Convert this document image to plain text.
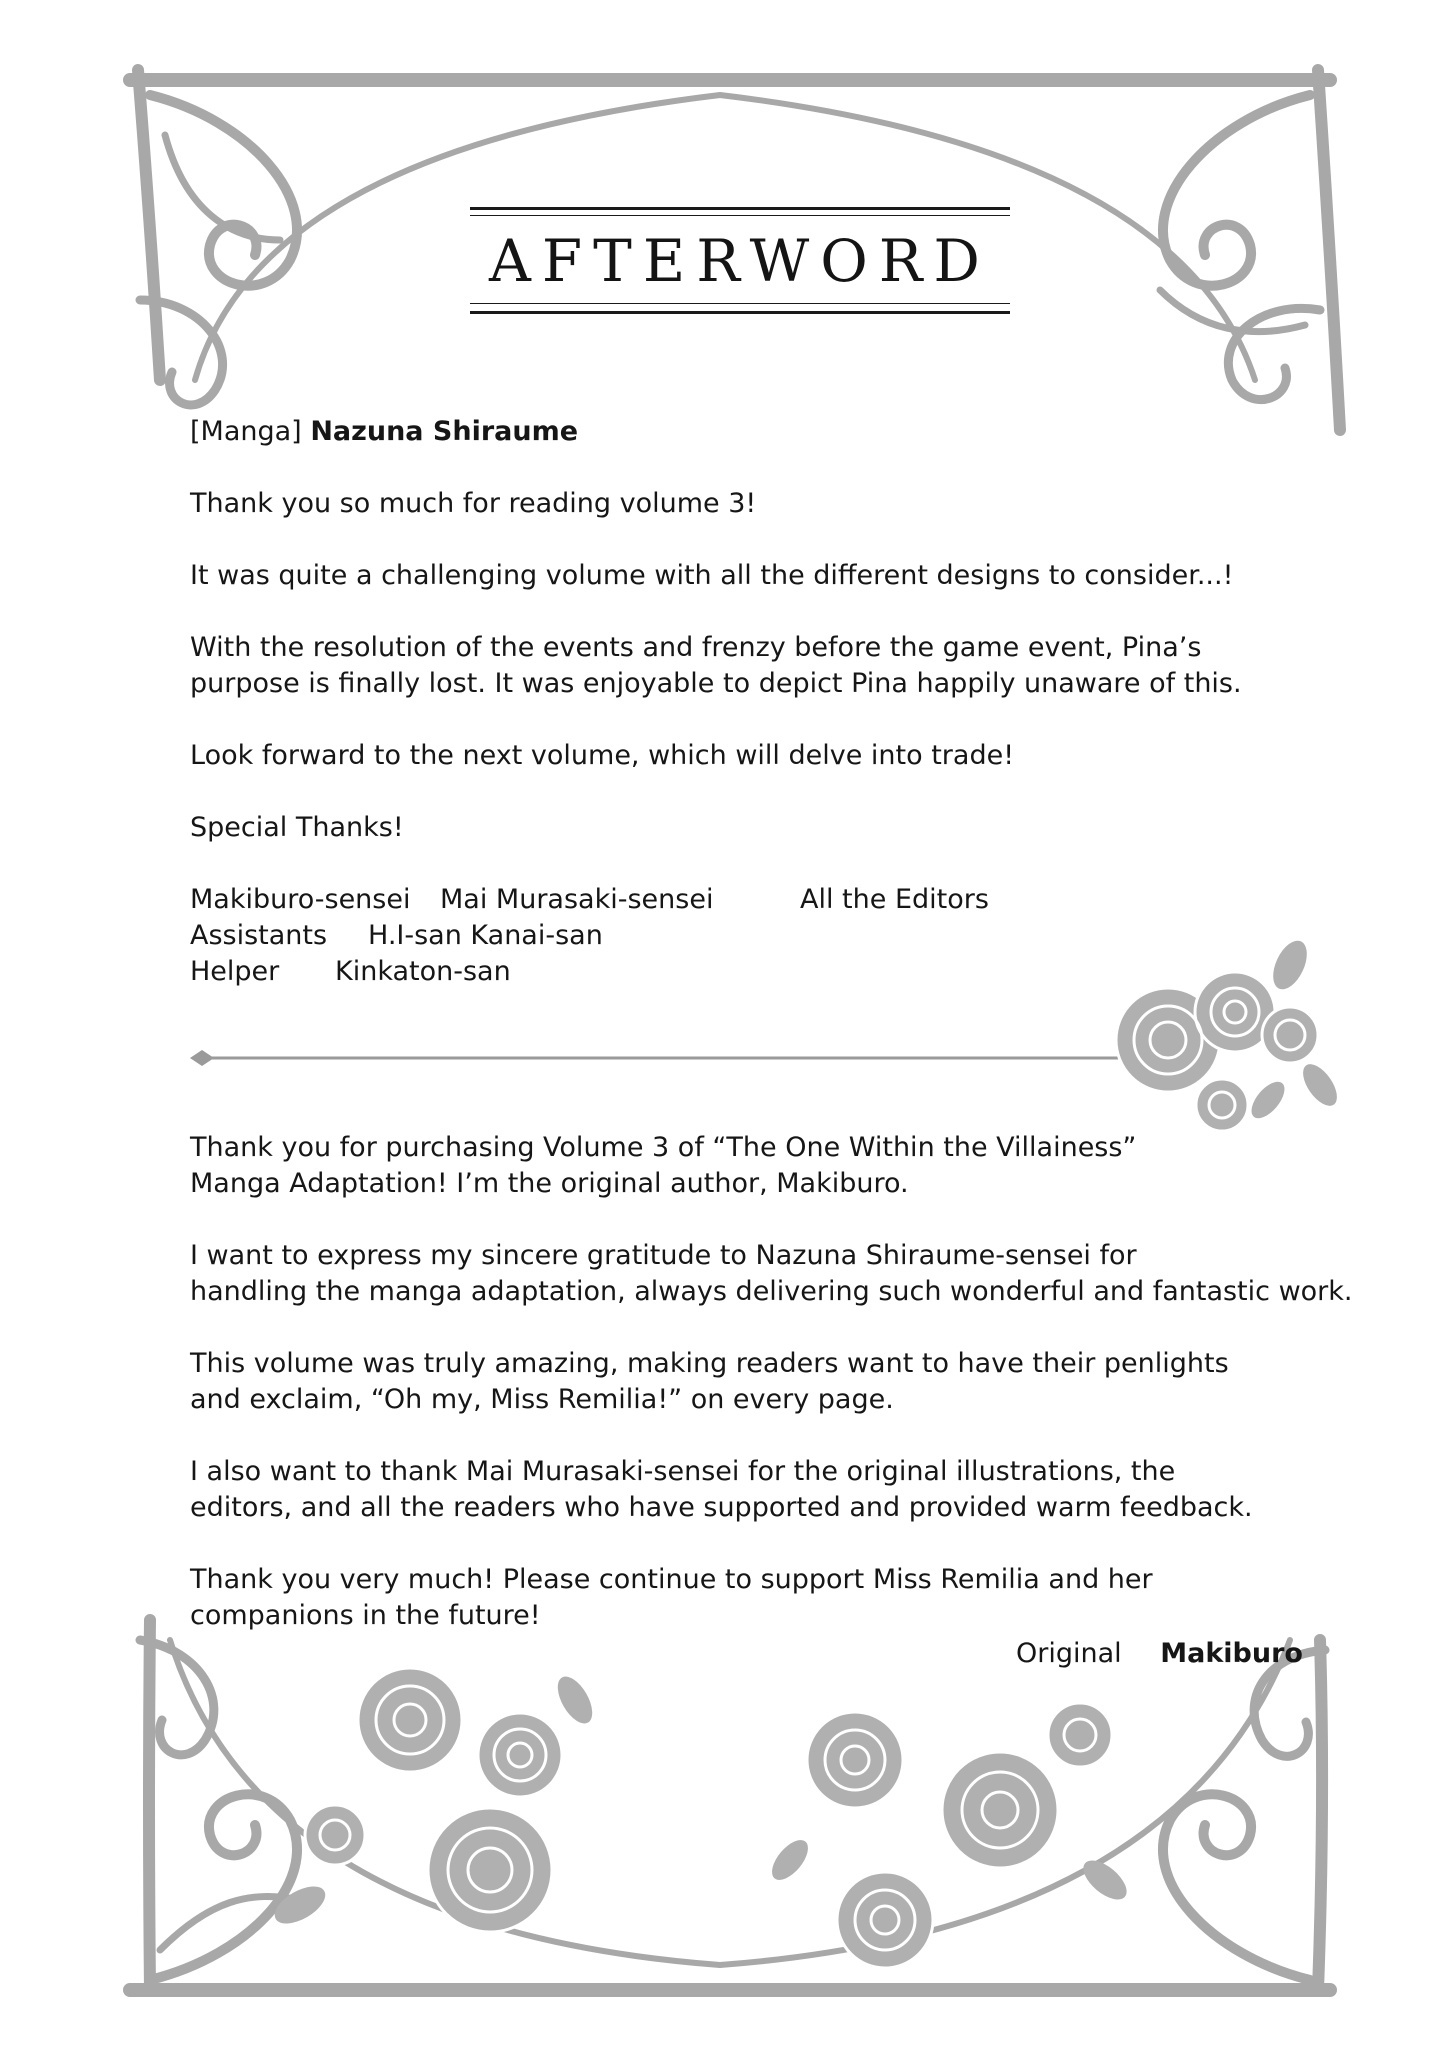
AFTERWORD
[Manga] Nazuna Shiraume
Thank you so much for reading volume 3!
It was quite a challenging volume with all the different designs to consider...!
With the resolution of the events and frenzy before the game event, Pina’s
purpose is finally lost. It was enjoyable to depict Pina happily unaware of this.
Look forward to the next volume, which will delve into trade!
Special Thanks!
Makiburo-sensei Mai Murasaki-sensei	All the Editors
Assistants H.I-san Kanai-san
Helper Kinkaton-san
Thank you for purchasing Volume 3 of “The One Within the Villainess”
Manga Adaptation! I’m the original author, Makiburo.
I want to express my sincere gratitude to Nazuna Shiraume-sensei for
handling the manga adaptation, always delivering such wonderful and fantastic work.
This volume was truly amazing, making readers want to have their penlights
and exclaim, “Oh my, Miss Remilia!” on every page.
I also want to thank Mai Murasaki-sensei for the original illustrations, the
editors, and all the readers who have supported and provided warm feedback.
Thank you very much! Please continue to support Miss Remilia and her
companions in the future!
Original Makiburo
